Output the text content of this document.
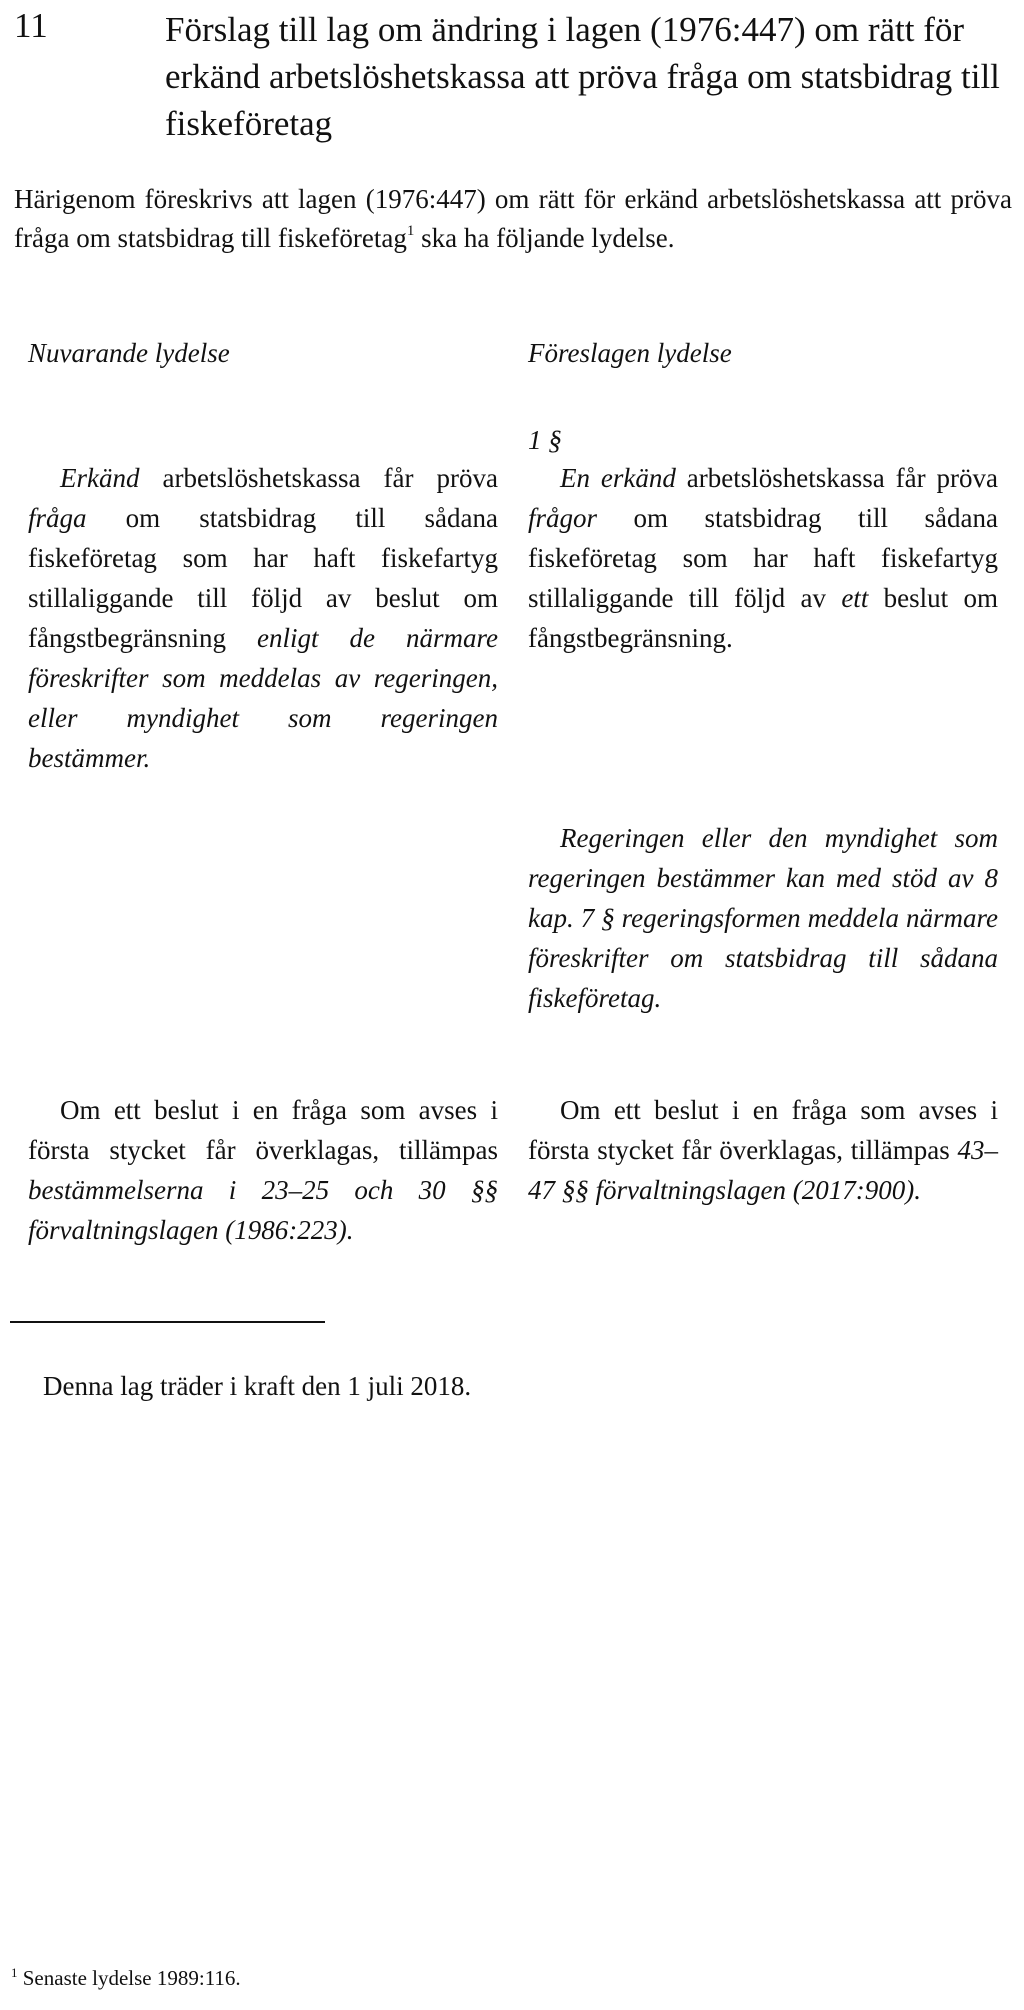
11	Förslag till lag om ändring i lagen (1976:447) om rätt för erkänd arbetslöshetskassa att pröva fråga om statsbidrag till fiskeföretag
Härigenom föreskrivs att lagen (1976:447) om rätt för erkänd arbetslöshetskassa att pröva fråga om statsbidrag till fiskeföretag$^1$ ska ha följande lydelse.
Nuvarande lydelse	Föreslagen lydelse
1 §

Erkänd arbetslöshetskassa får pröva fråga om statsbidrag till sådana fiskeföretag som har haft fiskefartyg stillaliggande till följd av beslut om fångstbegränsning enligt de närmare föreskrifter som meddelas av regeringen, eller myndighet som regeringen bestämmer.

Om ett beslut i en fråga som avses i första stycket får överklagas, tillämpas bestämmelserna i 23–25 och 30 §§ förvaltningslagen (1986:223).

En erkänd arbetslöshetskassa får pröva frågor om statsbidrag till sådana fiskeföretag som har haft fiskefartyg stillaliggande till följd av ett beslut om fångstbegränsning.

Regeringen eller den myndighet som regeringen bestämmer kan med stöd av 8 kap. 7 § regeringsformen meddela närmare föreskrifter om statsbidrag till sådana fiskeföretag.

Om ett beslut i en fråga som avses i första stycket får överklagas, tillämpas 43–47 §§ förvaltningslagen (2017:900).

Denna lag träder i kraft den 1 juli 2018.
$^1$ Senaste lydelse 1989:116.
